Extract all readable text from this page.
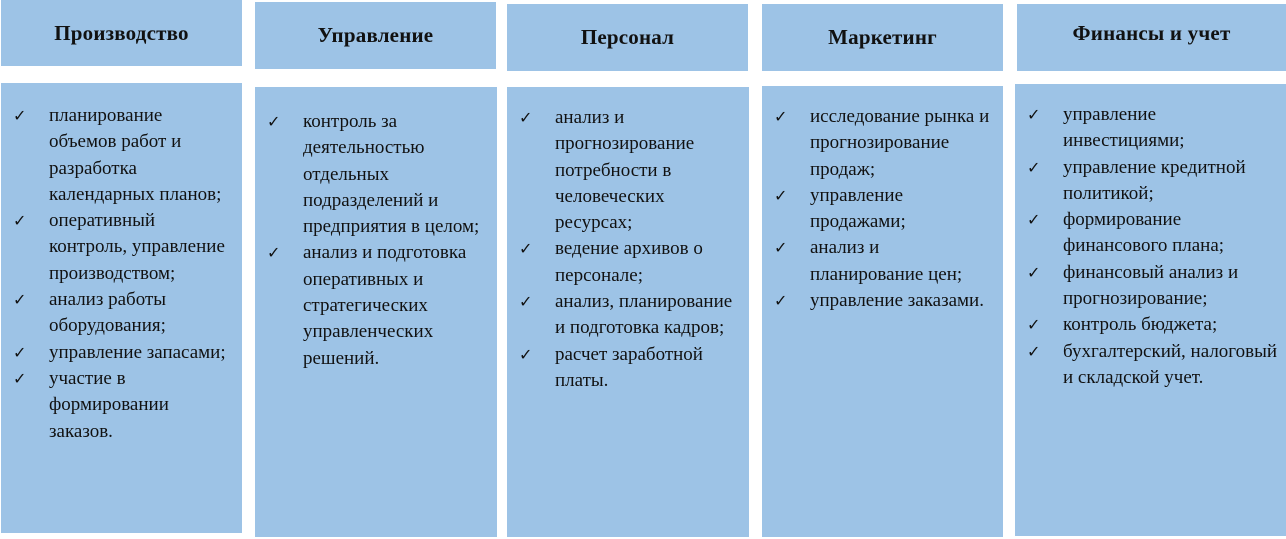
Производство
✓	планирование объемов работ и разработка календарных планов;
✓	оперативный контроль, управление производством;
✓	анализ работы оборудования;
✓	управление запасами;
✓	участие в формировании заказов.
Управление
✓	контроль за деятельностью отдельных подразделений и предприятия в целом;
✓	анализ и подготовка оперативных и стратегических управленческих решений.
Персонал
✓	анализ и прогнозирование потребности в человеческих ресурсах;
✓	ведение архивов о персонале;
✓	анализ, планирование и подготовка кадров;
✓	расчет заработной платы.
Маркетинг
✓	исследование рынка и прогнозирование продаж;
✓	управление продажами;
✓	анализ и планирование цен;
✓	управление заказами.
Финансы и учет
✓	управление инвестициями;
✓	управление кредитной политикой;
✓	формирование финансового плана;
✓	финансовый анализ и прогнозирование;
✓	контроль бюджета;
✓	бухгалтерский, налоговый и складской учет.
